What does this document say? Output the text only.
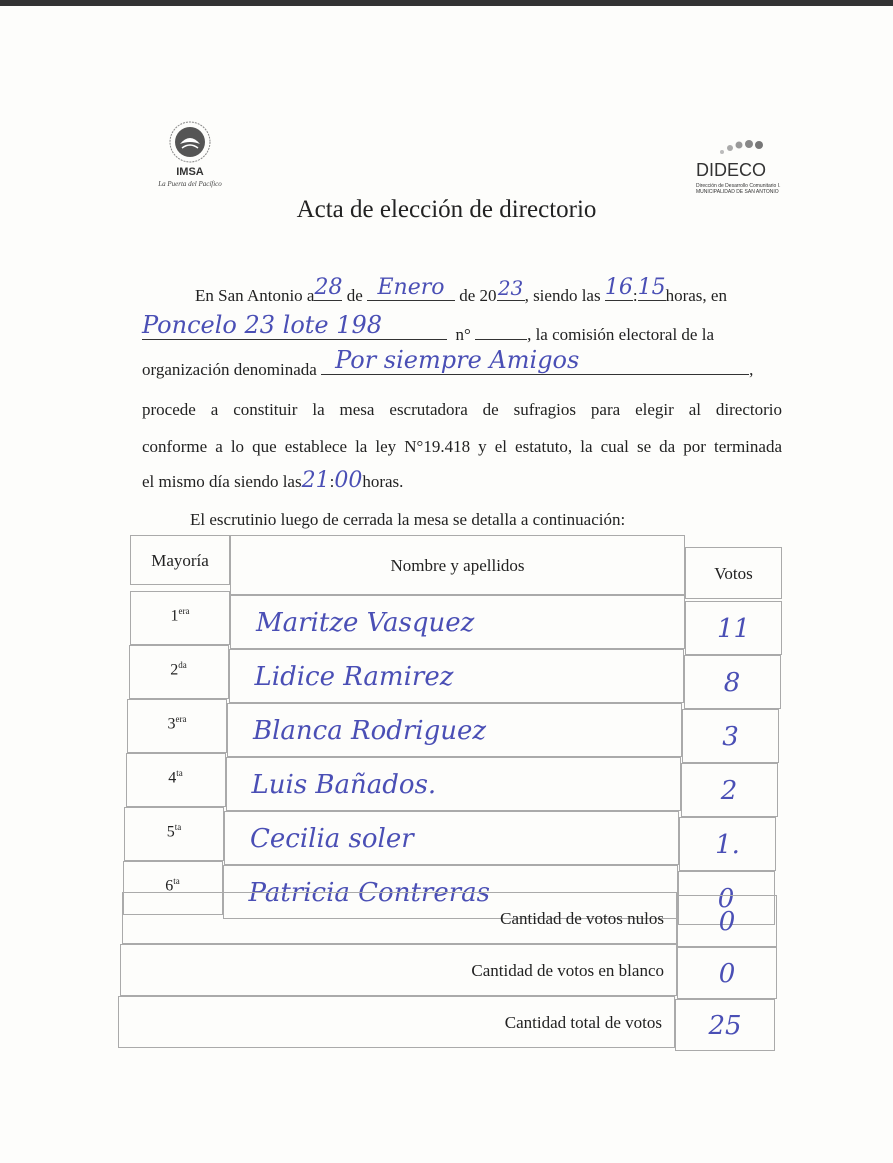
IMSA
La Puerta del Pacífico
DIDECO
Dirección de Desarrollo Comunitario I. MUNICIPALIDAD DE SAN ANTONIO
Acta de elección de directorio
En San Antonio a 28 de Enero de 20 23 , siendo las 16 : 15 horas, en
Poncelo 23 lote 198	n°	, la comisión electoral de la
organización denominada Por siempre Amigos	,
procede a constituir la mesa escrutadora de sufragios para elegir al directorio
conforme a lo que establece la ley N°19.418 y el estatuto, la cual se da por terminada
el mismo día siendo las21:00horas.
El escrutinio luego de cerrada la mesa se detalla a continuación:
Mayoría	Nombre y apellidos	Votos
$1^{era}$	Maritze Vasquez	11
$2^{da}$	Lidice Ramirez	8
$3^{era}$	Blanca Rodriguez	3
$4^{ta}$	Luis Bañados.	2
$5^{ta}$	Cecilia soler	1.
$6^{ta}$	Patricia Contreras	0
Cantidad de votos nulos	0
Cantidad de votos en blanco	0
Cantidad total de votos	25
